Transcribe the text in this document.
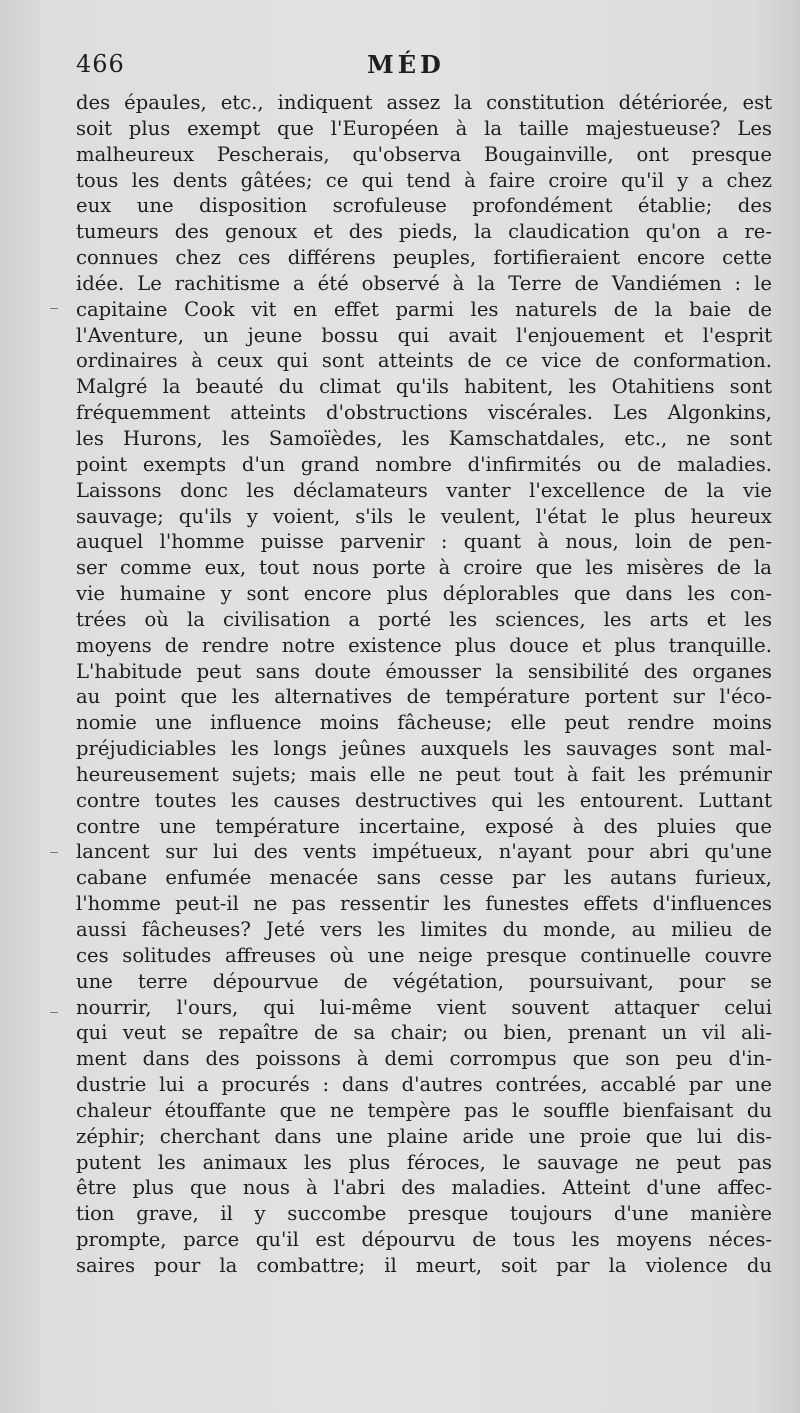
466	MÉD
des épaules, etc., indiquent assez la constitution détériorée, est
soit plus exempt que l'Européen à la taille majestueuse? Les
malheureux Pescherais, qu'observa Bougainville, ont presque
tous les dents gâtées; ce qui tend à faire croire qu'il y a chez
eux une disposition scrofuleuse profondément établie; des
tumeurs des genoux et des pieds, la claudication qu'on a re-
connues chez ces différens peuples, fortifieraient encore cette
idée. Le rachitisme a été observé à la Terre de Vandiémen : le
capitaine Cook vit en effet parmi les naturels de la baie de
l'Aventure, un jeune bossu qui avait l'enjouement et l'esprit
ordinaires à ceux qui sont atteints de ce vice de conformation.
Malgré la beauté du climat qu'ils habitent, les Otahitiens sont
fréquemment atteints d'obstructions viscérales. Les Algonkins,
les Hurons, les Samoïèdes, les Kamschatdales, etc., ne sont
point exempts d'un grand nombre d'infirmités ou de maladies.
Laissons donc les déclamateurs vanter l'excellence de la vie
sauvage; qu'ils y voient, s'ils le veulent, l'état le plus heureux
auquel l'homme puisse parvenir : quant à nous, loin de pen-
ser comme eux, tout nous porte à croire que les misères de la
vie humaine y sont encore plus déplorables que dans les con-
trées où la civilisation a porté les sciences, les arts et les
moyens de rendre notre existence plus douce et plus tranquille.
L'habitude peut sans doute émousser la sensibilité des organes
au point que les alternatives de température portent sur l'éco-
nomie une influence moins fâcheuse; elle peut rendre moins
préjudiciables les longs jeûnes auxquels les sauvages sont mal-
heureusement sujets; mais elle ne peut tout à fait les prémunir
contre toutes les causes destructives qui les entourent. Luttant
contre une température incertaine, exposé à des pluies que
lancent sur lui des vents impétueux, n'ayant pour abri qu'une
cabane enfumée menacée sans cesse par les autans furieux,
l'homme peut-il ne pas ressentir les funestes effets d'influences
aussi fâcheuses? Jeté vers les limites du monde, au milieu de
ces solitudes affreuses où une neige presque continuelle couvre
une terre dépourvue de végétation, poursuivant, pour se
nourrir, l'ours, qui lui-même vient souvent attaquer celui
qui veut se repaître de sa chair; ou bien, prenant un vil ali-
ment dans des poissons à demi corrompus que son peu d'in-
dustrie lui a procurés : dans d'autres contrées, accablé par une
chaleur étouffante que ne tempère pas le souffle bienfaisant du
zéphir; cherchant dans une plaine aride une proie que lui dis-
putent les animaux les plus féroces, le sauvage ne peut pas
être plus que nous à l'abri des maladies. Atteint d'une affec-
tion grave, il y succombe presque toujours d'une manière
prompte, parce qu'il est dépourvu de tous les moyens néces-
saires pour la combattre; il meurt, soit par la violence du
